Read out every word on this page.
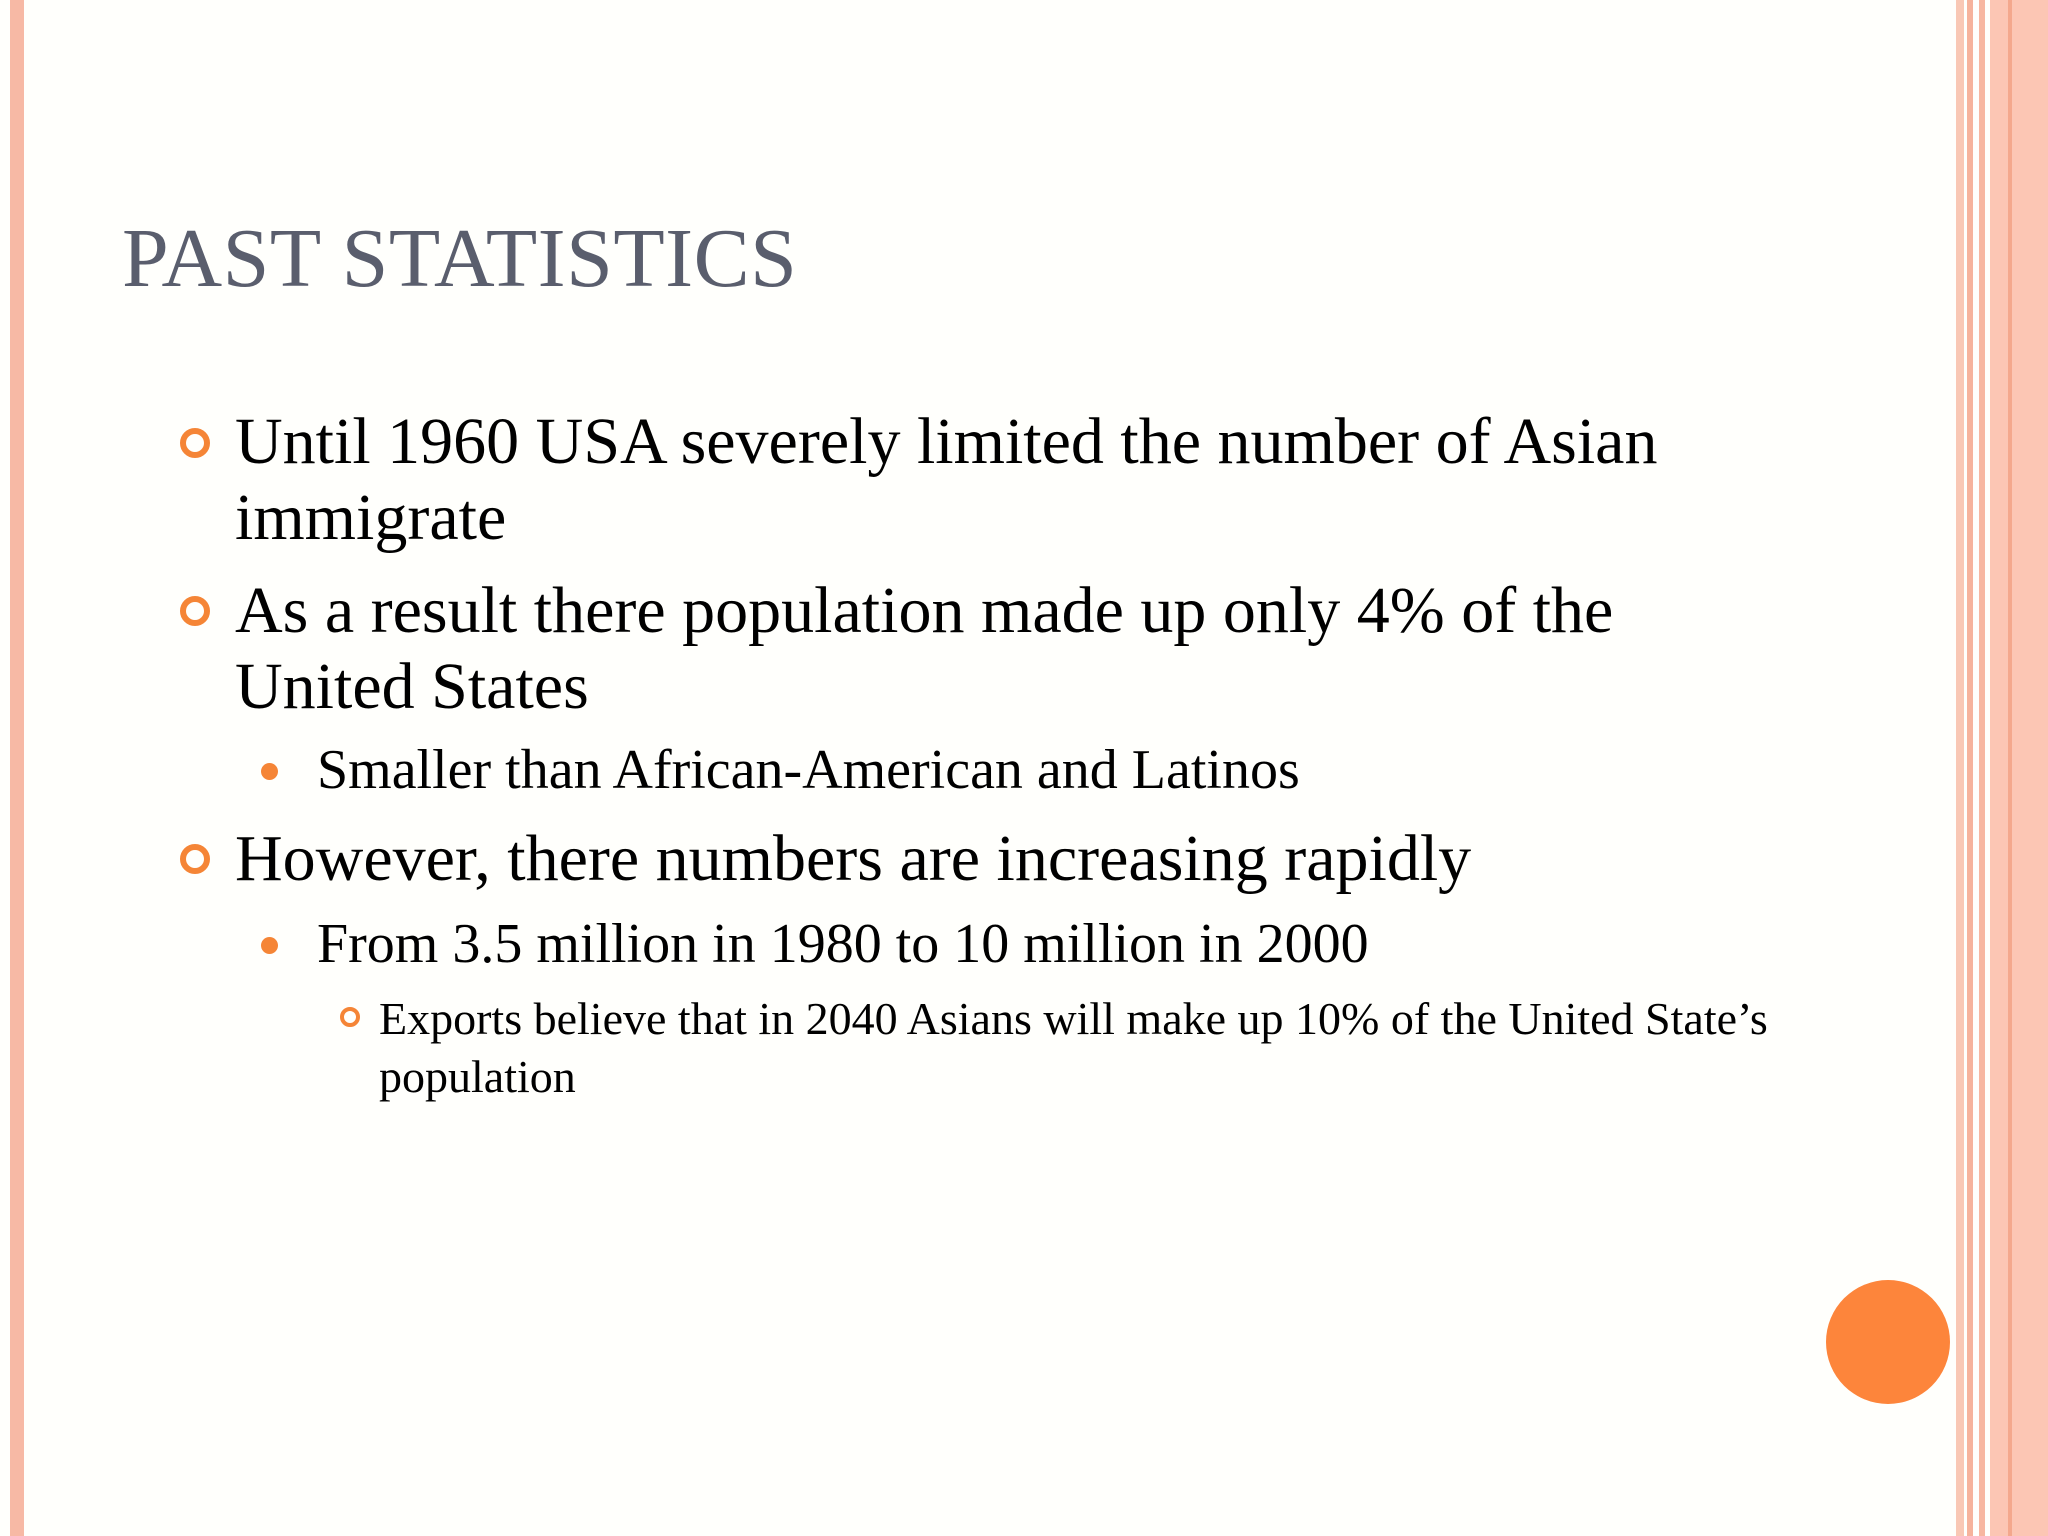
PAST STATISTICS
Until 1960 USA severely limited the number of Asian immigrate
As a result there population made up only 4% of the United States
Smaller than African-American and Latinos
However, there numbers are increasing rapidly
From 3.5 million in 1980 to 10 million in 2000
Exports believe that in 2040 Asians will make up 10% of the United State’s population
